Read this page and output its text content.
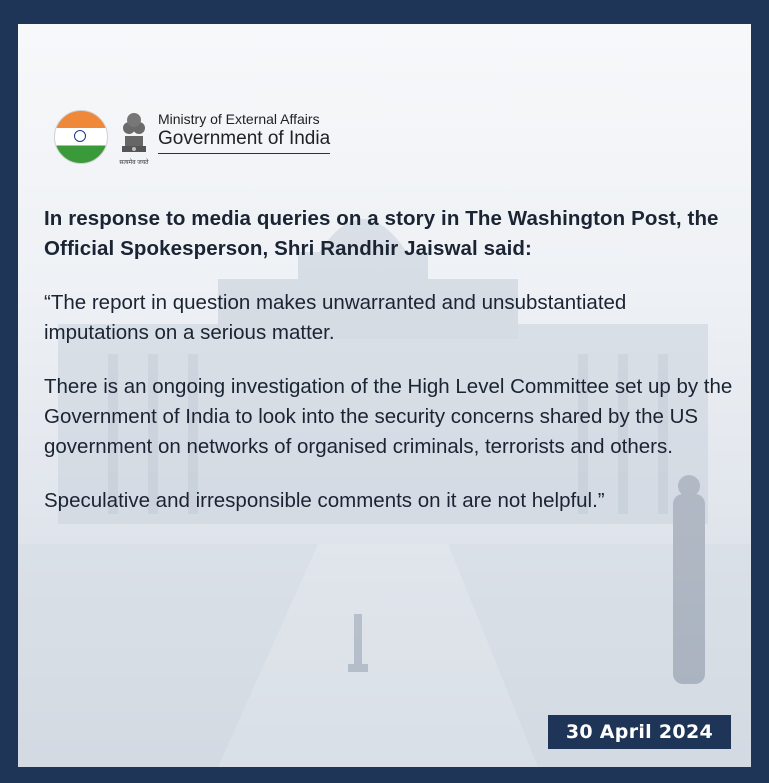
सत्यमेव जयते
Ministry of External Affairs
Government of India

In response to media queries on a story in The Washington Post, the Official Spokesperson, Shri Randhir Jaiswal said:

“The report in question makes unwarranted and unsubstantiated imputations on a serious matter.

There is an ongoing investigation of the High Level Committee set up by the Government of India to look into the security concerns shared by the US government on networks of organised criminals, terrorists and others.

Speculative and irresponsible comments on it are not helpful.”

30 April 2024
